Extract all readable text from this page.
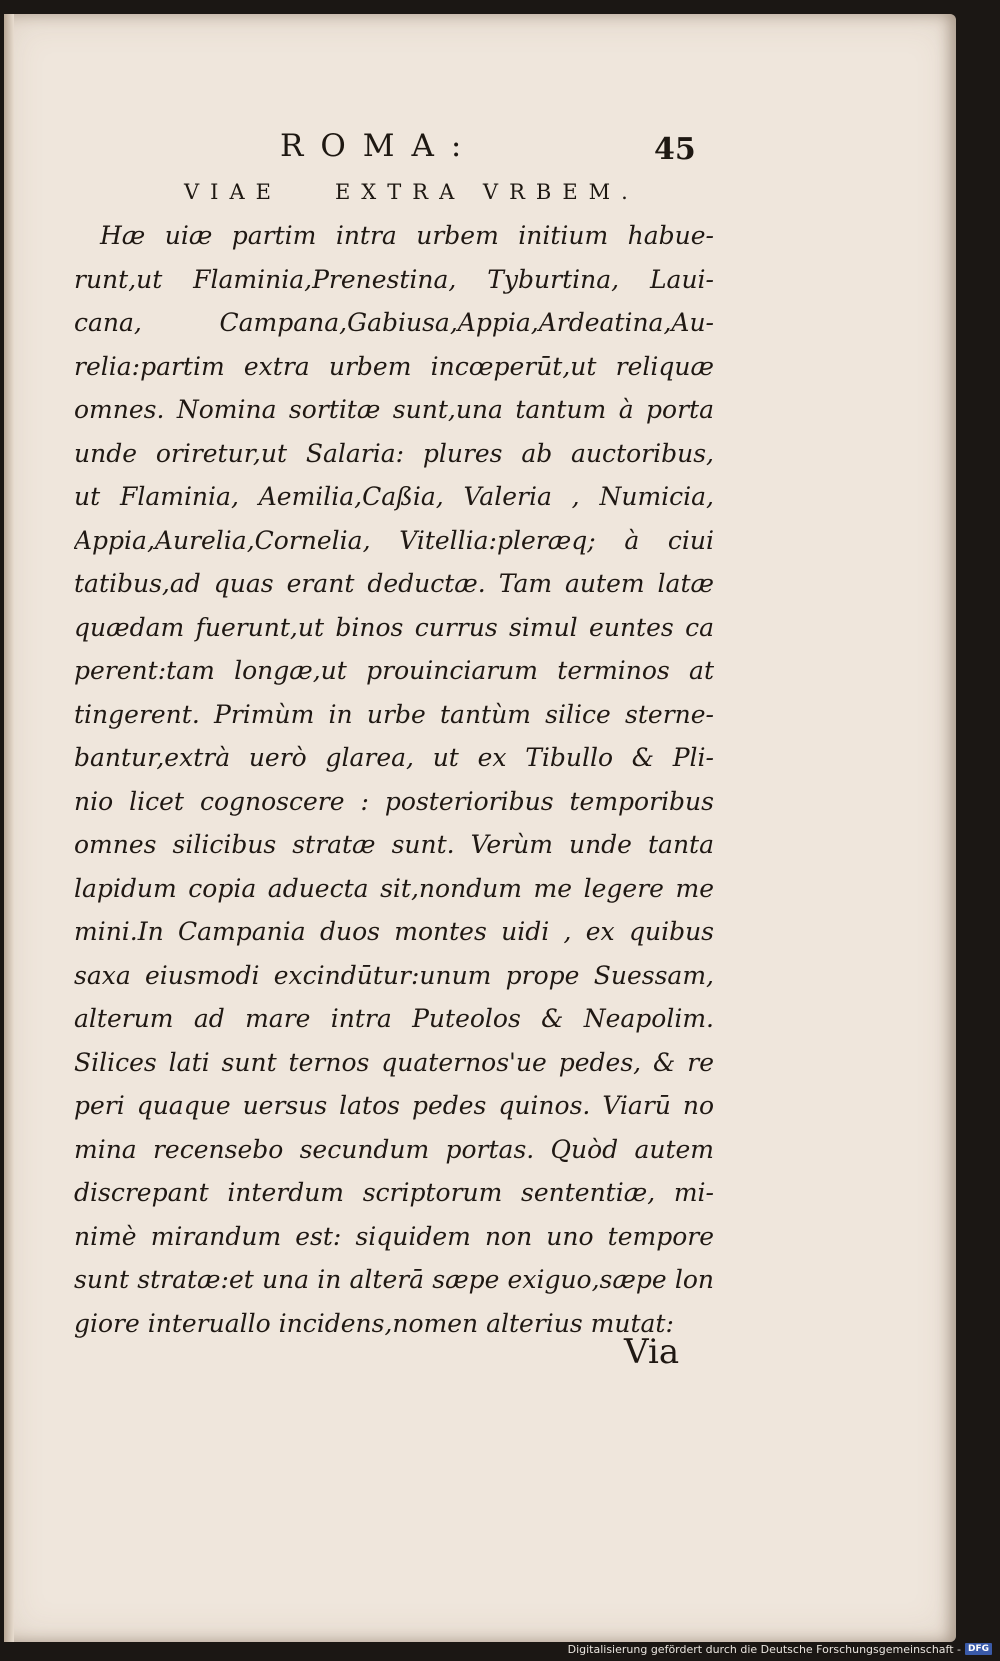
ROMA:	45
VIAE   EXTRA VRBEM.
Hæ uiæ partim intra urbem initium habue-
runt,ut Flaminia,Prenestina, Tyburtina, Laui-
cana, Campana,Gabiusa,Appia,Ardeatina,Au-
relia:partim extra urbem incœperūt,ut reliquæ
omnes. Nomina sortitæ sunt,una tantum à porta
unde oriretur,ut Salaria: plures ab auctoribus,
ut Flaminia, Aemilia,Caßia, Valeria , Numicia,
Appia,Aurelia,Cornelia, Vitellia:pleræq; à ciui
tatibus,ad quas erant deductæ. Tam autem latæ
quædam fuerunt,ut binos currus simul euntes ca
perent:tam longæ,ut prouinciarum terminos at
tingerent. Primùm in urbe tantùm silice sterne-
bantur,extrà uerò glarea, ut ex Tibullo & Pli-
nio licet cognoscere : posterioribus temporibus
omnes silicibus stratæ sunt. Verùm unde tanta
lapidum copia aduecta sit,nondum me legere me
mini.In Campania duos montes uidi , ex quibus
saxa eiusmodi excindūtur:unum prope Suessam,
alterum ad mare intra Puteolos & Neapolim.
Silices lati sunt ternos quaternos'ue pedes, & re
peri quaque uersus latos pedes quinos. Viarū no
mina recensebo secundum portas. Quòd autem
discrepant interdum scriptorum sententiæ, mi-
nimè mirandum est: siquidem non uno tempore
sunt stratæ:et una in alterā sæpe exiguo,sæpe lon
giore interuallo incidens,nomen alterius mutat:
Via
Digitalisierung gefördert durch die Deutsche Forschungsgemeinschaft - DFG
